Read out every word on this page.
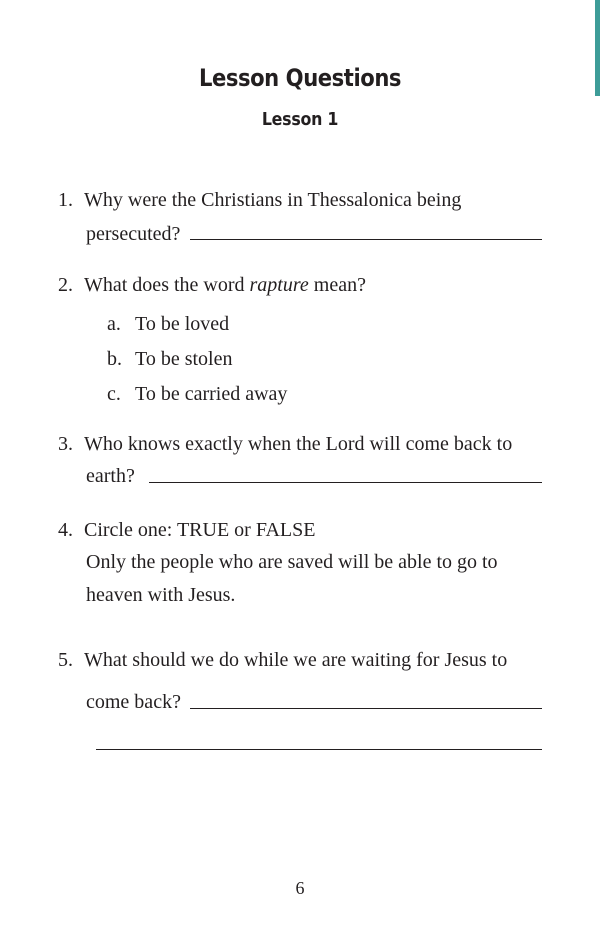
Lesson Questions
Lesson 1
1. Why were the Christians in Thessalonica being
persecuted?
2. What does the word rapture mean?
a. To be loved
b. To be stolen
c. To be carried away
3. Who knows exactly when the Lord will come back to
earth?
4. Circle one: TRUE or FALSE
Only the people who are saved will be able to go to
heaven with Jesus.
5. What should we do while we are waiting for Jesus to
come back?
6
